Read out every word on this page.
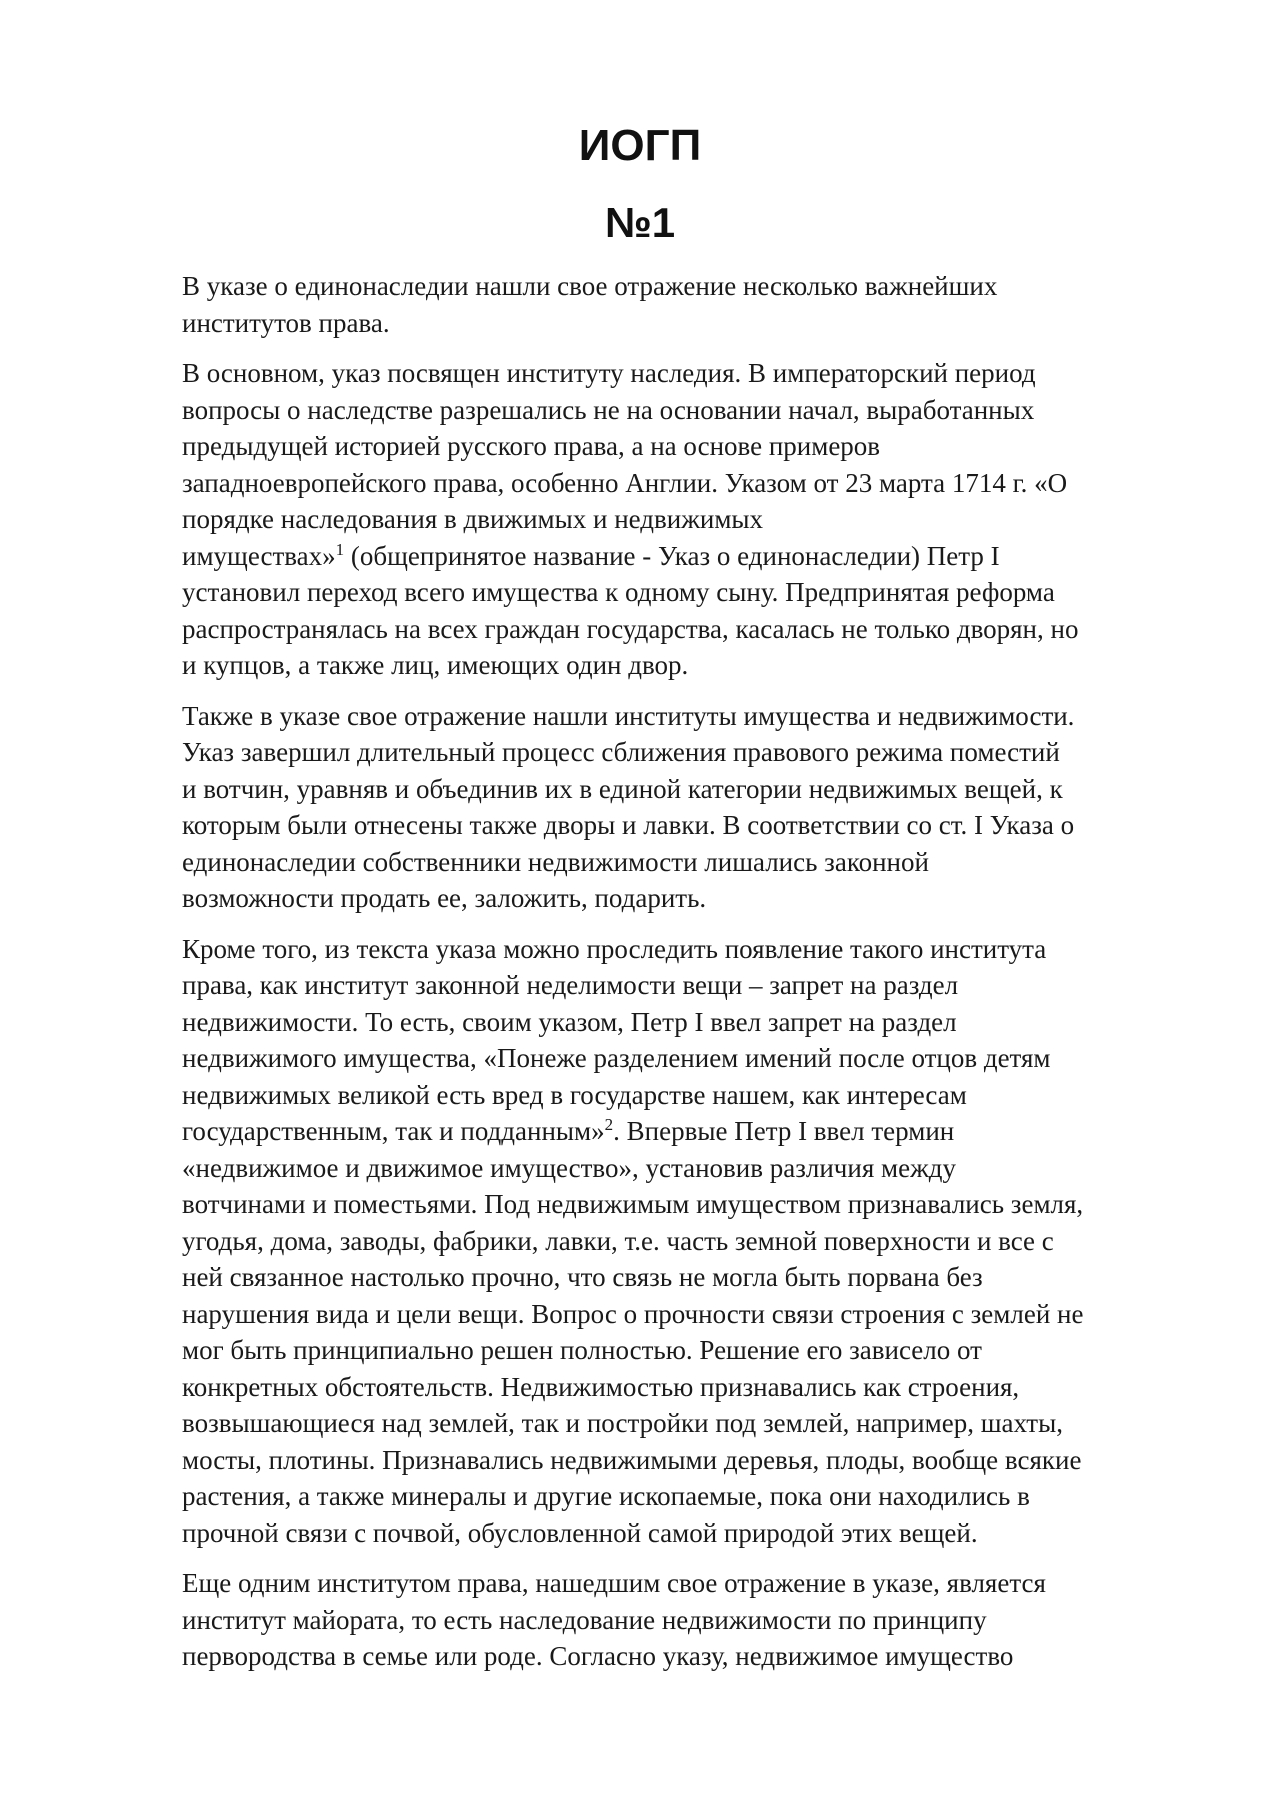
ИОГП
№1

В указе о единонаследии нашли свое отражение несколько важнейших
институтов права.

В основном, указ посвящен институту наследия. В императорский период
вопросы о наследстве разрешались не на основании начал, выработанных
предыдущей историей русского права, а на основе примеров
западноевропейского права, особенно Англии. Указом от 23 марта 1714 г. «О
порядке наследования в движимых и недвижимых
имуществах»$^1$ (общепринятое название - Указ о единонаследии) Петр I
установил переход всего имущества к одному сыну. Предпринятая реформа
распространялась на всех граждан государства, касалась не только дворян, но
и купцов, а также лиц, имеющих один двор.

Также в указе свое отражение нашли институты имущества и недвижимости.
Указ завершил длительный процесс сближения правового режима поместий
и вотчин, уравняв и объединив их в единой категории недвижимых вещей, к
которым были отнесены также дворы и лавки. В соответствии со ст. I Указа о
единонаследии собственники недвижимости лишались законной
возможности продать ее, заложить, подарить.

Кроме того, из текста указа можно проследить появление такого института
права, как институт законной неделимости вещи – запрет на раздел
недвижимости. То есть, своим указом, Петр I ввел запрет на раздел
недвижимого имущества, «Понеже разделением имений после отцов детям
недвижимых великой есть вред в государстве нашем, как интересам
государственным, так и подданным»$^2$. Впервые Петр I ввел термин
«недвижимое и движимое имущество», установив различия между
вотчинами и поместьями. Под недвижимым имуществом признавались земля,
угодья, дома, заводы, фабрики, лавки, т.е. часть земной поверхности и все с
ней связанное настолько прочно, что связь не могла быть порвана без
нарушения вида и цели вещи. Вопрос о прочности связи строения с землей не
мог быть принципиально решен полностью. Решение его зависело от
конкретных обстоятельств. Недвижимостью признавались как строения,
возвышающиеся над землей, так и постройки под землей, например, шахты,
мосты, плотины. Признавались недвижимыми деревья, плоды, вообще всякие
растения, а также минералы и другие ископаемые, пока они находились в
прочной связи с почвой, обусловленной самой природой этих вещей.

Еще одним институтом права, нашедшим свое отражение в указе, является
институт майората, то есть наследование недвижимости по принципу
первородства в семье или роде. Согласно указу, недвижимое имущество
